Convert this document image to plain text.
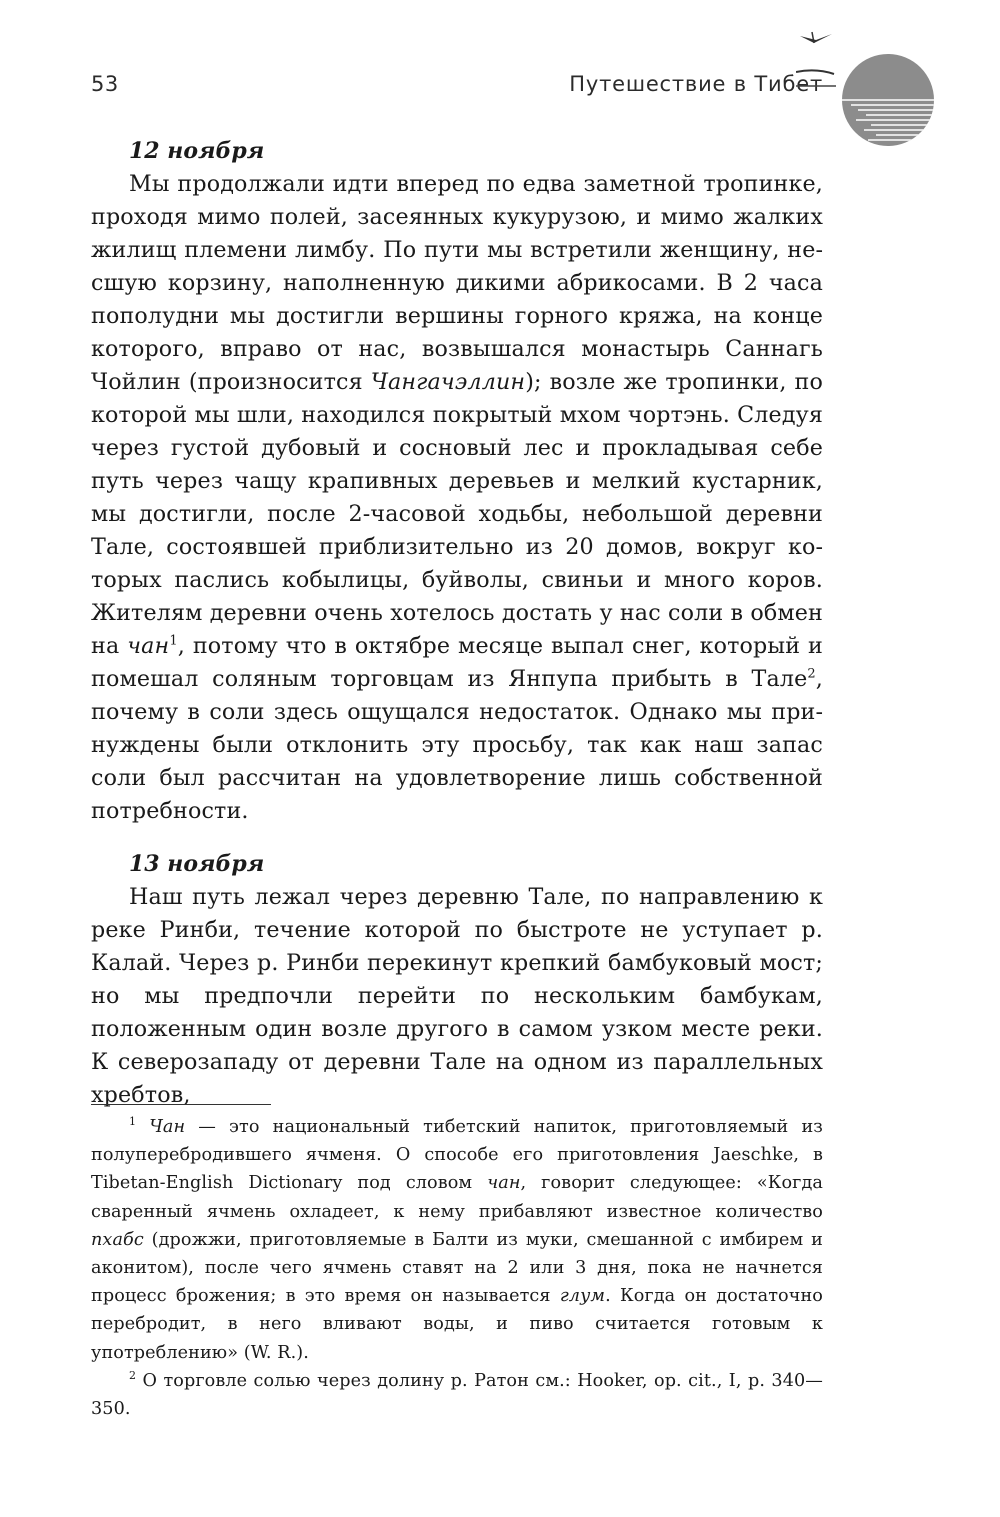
53	Путешествие в Тибет

12 ноября

Мы продолжали идти вперед по едва заметной тропинке, проходя мимо полей, засеянных кукурузою, и мимо жалких жилищ племени лимбу. По пути мы встретили женщину, несшую корзину, наполненную дикими абрикосами. В 2 часа пополудни мы достигли вершины горного кряжа, на конце которого, вправо от нас, возвышался монастырь Саннагь Чойлин (произносится Чангачэллин); возле же тропинки, по которой мы шли, находился покрытый мхом чортэнь. Следуя через густой дубовый и сосновый лес и прокладывая себе путь через чащу крапивных деревьев и мелкий кустарник, мы достигли, после 2-часовой ходьбы, небольшой деревни Тале, состоявшей приблизительно из 20 домов, вокруг которых паслись кобылицы, буйволы, свиньи и много коров. Жителям деревни очень хотелось достать у нас соли в обмен на чан$^1$, потому что в октябре месяце выпал снег, который и помешал соляным торговцам из Янпупа прибыть в Тале$^2$, почему в соли здесь ощущался недостаток. Однако мы принуждены были отклонить эту просьбу, так как наш запас соли был рассчитан на удовлетворение лишь собственной потребности.

13 ноября

Наш путь лежал через деревню Тале, по направлению к реке Ринби, течение которой по быстроте не уступает р. Калай. Через р. Ринби перекинут крепкий бамбуковый мост; но мы предпочли перейти по нескольким бамбукам, положенным один возле другого в самом узком месте реки. К северозападу от деревни Тале на одном из параллельных хребтов,

$^1$ Чан — это национальный тибетский напиток, приготовляемый из полуперебродившего ячменя. О способе его приготовления Jaeschke, в Tibetan-English Dictionary под словом чан, говорит следующее: «Когда сваренный ячмень охладеет, к нему прибавляют известное количество пхабс (дрожжи, приготовляемые в Балти из муки, смешанной с имбирем и аконитом), после чего ячмень ставят на 2 или 3 дня, пока не начнется процесс брожения; в это время он называется глум. Когда он достаточно перебродит, в него вливают воды, и пиво считается готовым к употреблению» (W. R.).

$^2$ О торговле солью через долину р. Ратон см.: Hooker, op. cit., I, p. 340—350.
